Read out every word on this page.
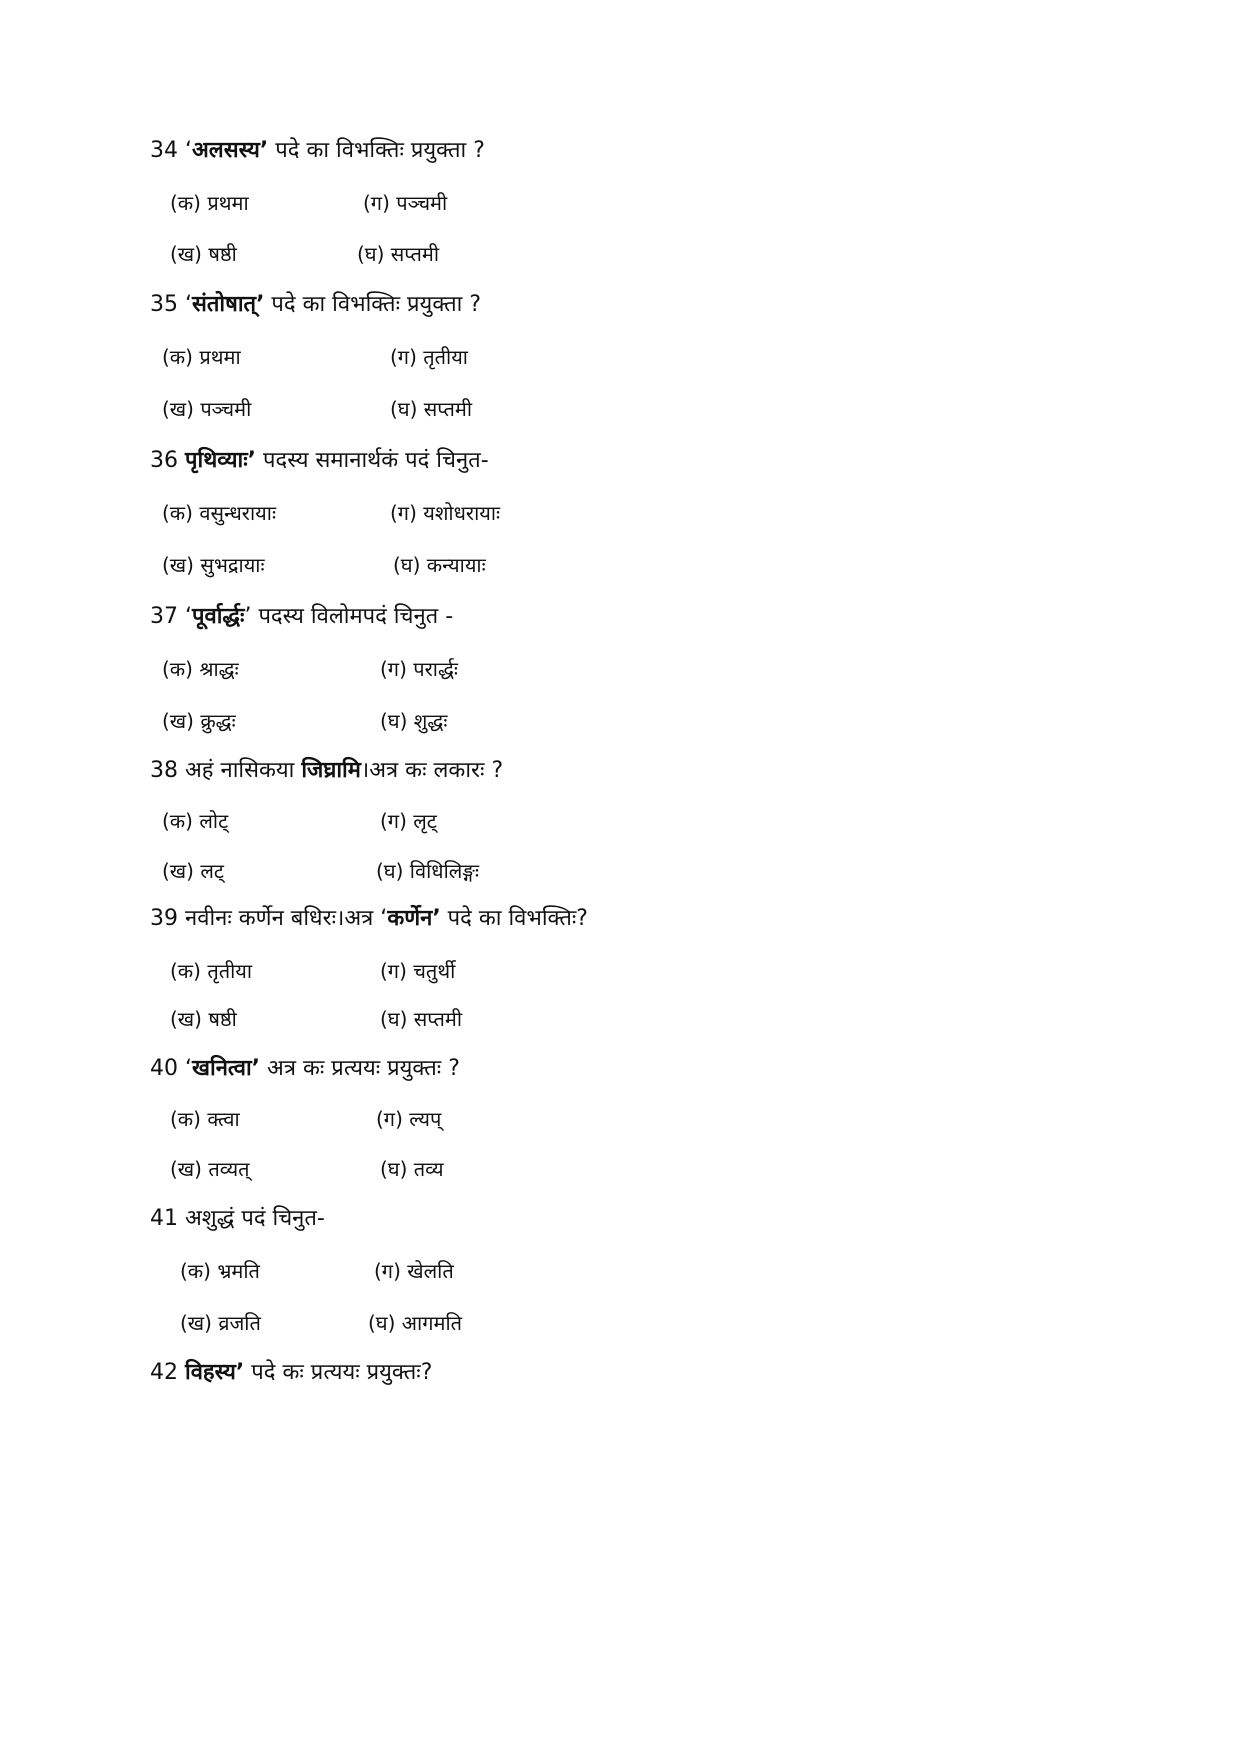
34 ‘अलसस्य’ पदे का विभक्तिः प्रयुक्ता ?
(क) प्रथमा	(ग) पञ्चमी
(ख) षष्ठी	(घ) सप्तमी
35 ‘संतोषात्’ पदे का विभक्तिः प्रयुक्ता ?
(क) प्रथमा	(ग) तृतीया
(ख) पञ्चमी	(घ) सप्तमी
36 पृथिव्याः’ पदस्य समानार्थकं पदं चिनुत-
(क) वसुन्धरायाः	(ग) यशोधरायाः
(ख) सुभद्रायाः	(घ) कन्यायाः
37 ‘पूर्वार्द्धः’ पदस्य विलोमपदं चिनुत -
(क) श्राद्धः	(ग) परार्द्धः
(ख) क्रुद्धः	(घ) शुद्धः
38 अहं नासिकया जिघ्रामि।अत्र कः लकारः ?
(क) लोट्	(ग) लृट्
(ख) लट्	(घ) विधिलिङ्गः
39 नवीनः कर्णेन बधिरः।अत्र ‘कर्णेन’ पदे का विभक्तिः?
(क) तृतीया	(ग) चतुर्थी
(ख) षष्ठी	(घ) सप्तमी
40 ‘खनित्वा’ अत्र कः प्रत्ययः प्रयुक्तः ?
(क) क्त्वा	(ग) ल्यप्
(ख) तव्यत्	(घ) तव्य
41 अशुद्धं पदं चिनुत-
(क) भ्रमति	(ग) खेलति
(ख) व्रजति	(घ) आगमति
42 विहस्य’ पदे कः प्रत्ययः प्रयुक्तः?
